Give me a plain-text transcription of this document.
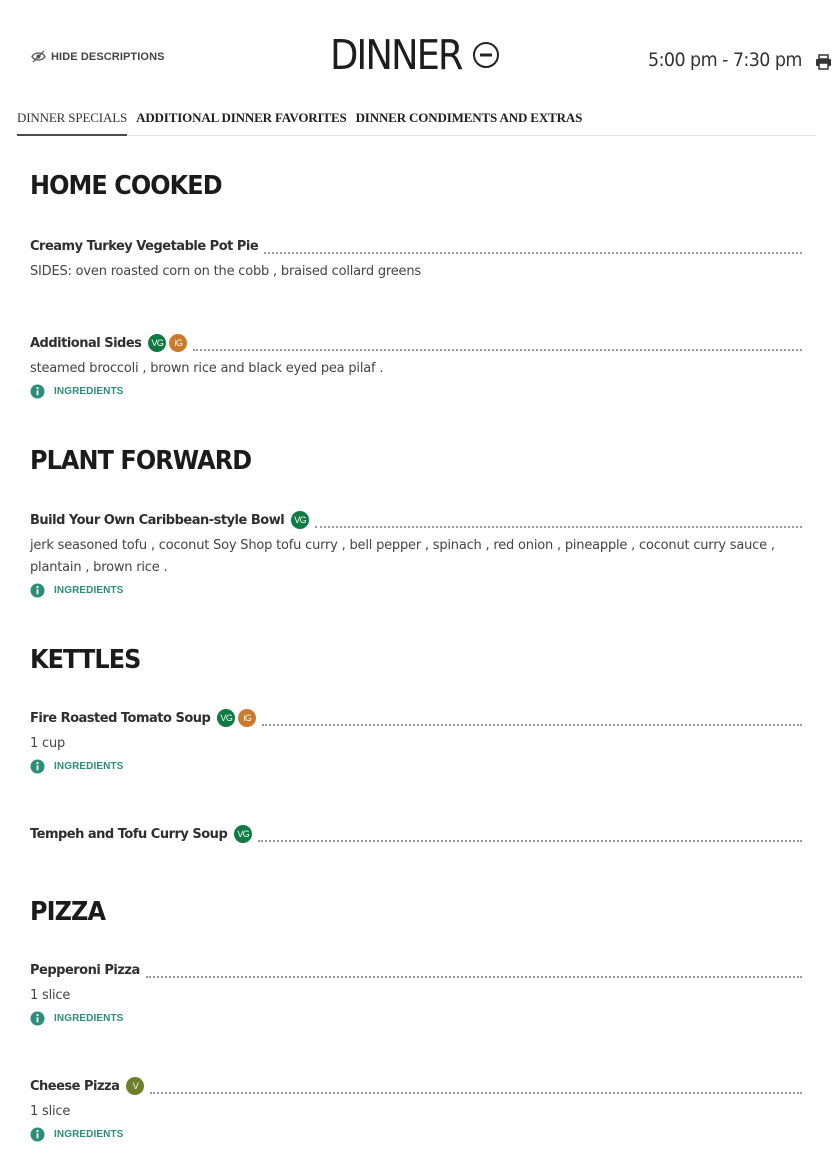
HIDE DESCRIPTIONS	DINNER	5:00 pm - 7:30 pm
DINNER SPECIALS ADDITIONAL DINNER FAVORITES DINNER CONDIMENTS AND EXTRAS
HOME COOKED
Creamy Turkey Vegetable Pot Pie
SIDES: oven roasted corn on the cobb , braised collard greens
Additional Sides	VG	iG
steamed broccoli , brown rice and black eyed pea pilaf .
INGREDIENTS
PLANT FORWARD
Build Your Own Caribbean-style Bowl	VG
jerk seasoned tofu , coconut Soy Shop tofu curry , bell pepper , spinach , red onion , pineapple , coconut curry sauce , plantain , brown rice .
INGREDIENTS
KETTLES
Fire Roasted Tomato Soup	VG	iG
1 cup
INGREDIENTS
Tempeh and Tofu Curry Soup	VG
PIZZA
Pepperoni Pizza
1 slice
INGREDIENTS
Cheese Pizza	V
1 slice
INGREDIENTS
